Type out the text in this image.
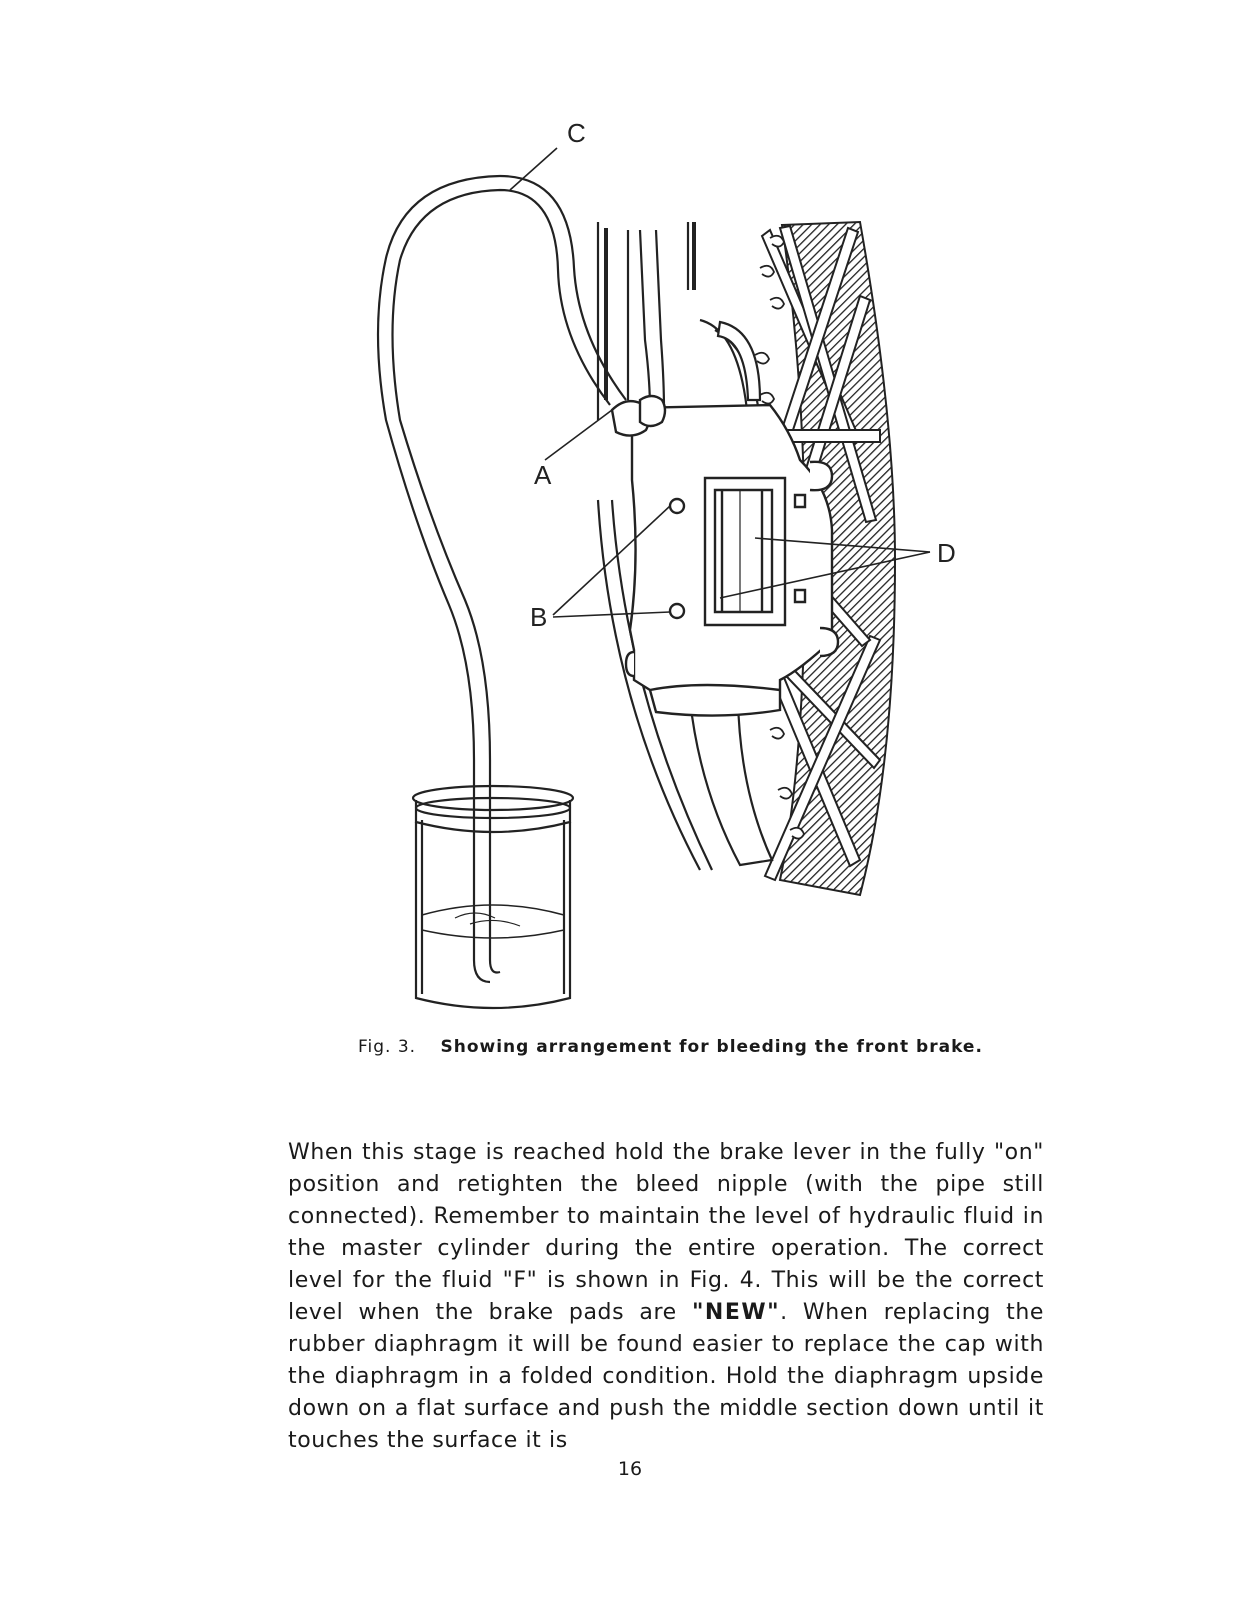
C
A
B
D
Fig. 3. Showing arrangement for bleeding the front brake.

When this stage is reached hold the brake lever in the fully "on" position and retighten the bleed nipple (with the pipe still connected). Remember to maintain the level of hydraulic fluid in the master cylinder during the entire operation. The correct level for the fluid "F" is shown in Fig. 4. This will be the correct level when the brake pads are "NEW". When replacing the rubber diaphragm it will be found easier to replace the cap with the diaphragm in a folded condition. Hold the diaphragm upside down on a flat surface and push the middle section down until it touches the surface it is

16
